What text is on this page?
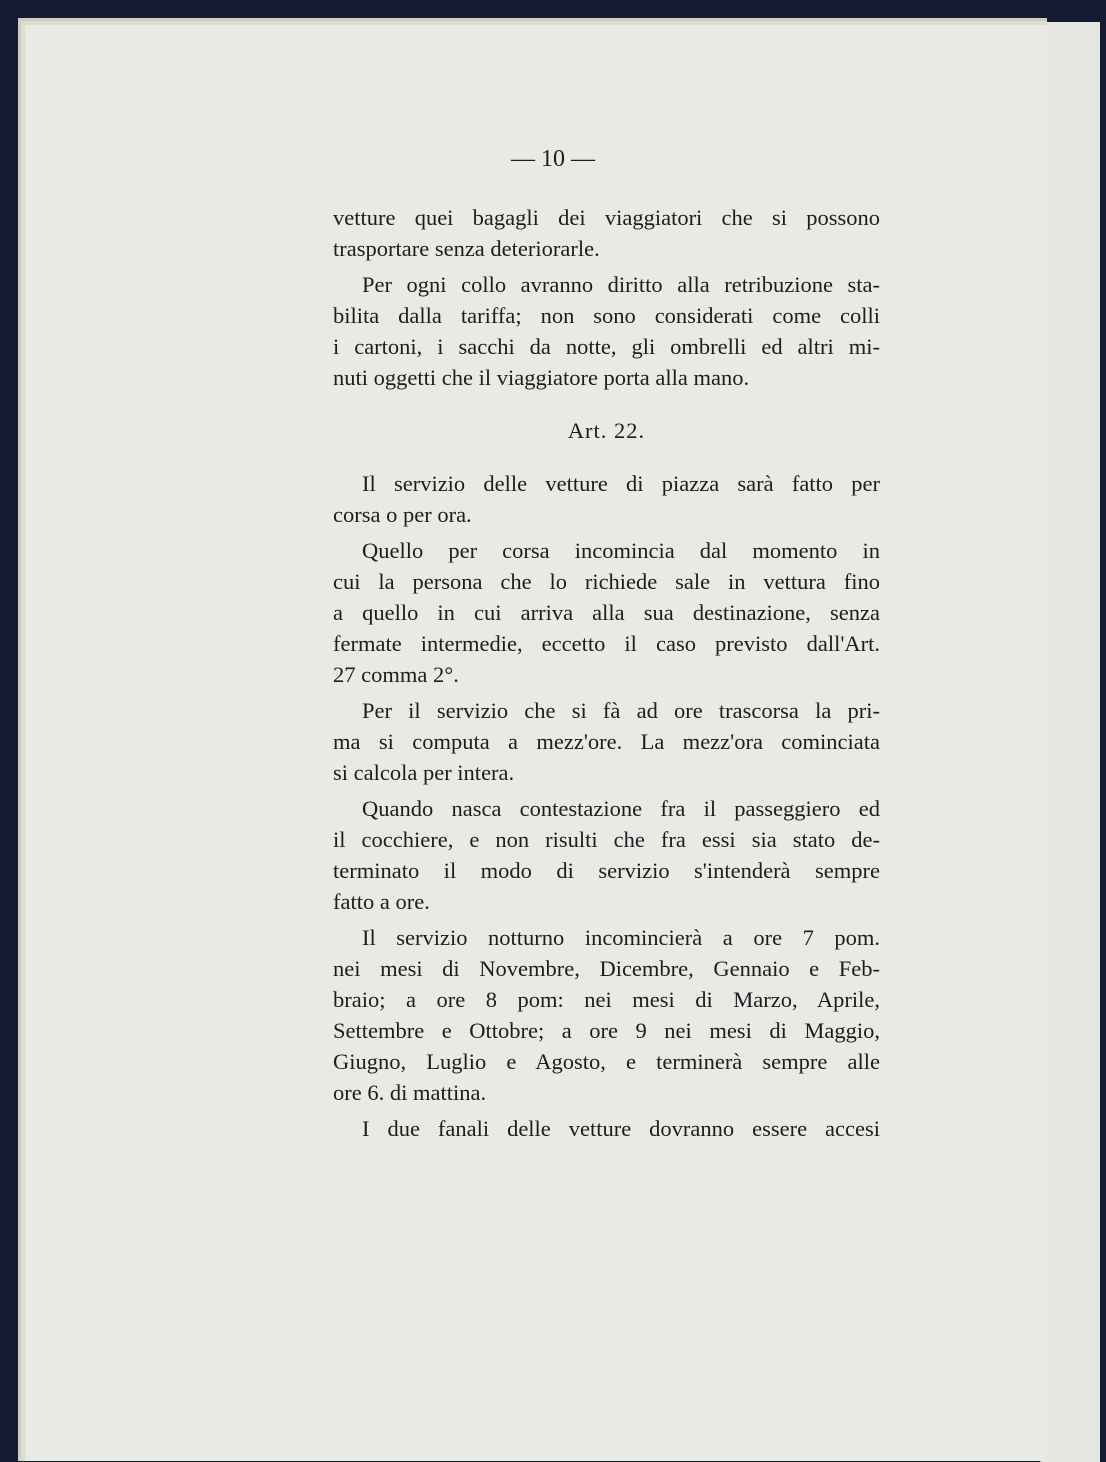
— 10 —
vetture quei bagagli dei viaggiatori che si possono
trasportare senza deteriorarle.
Per ogni collo avranno diritto alla retribuzione sta-
bilita dalla tariffa; non sono considerati come colli
i cartoni, i sacchi da notte, gli ombrelli ed altri mi-
nuti oggetti che il viaggiatore porta alla mano.
Art. 22.
Il servizio delle vetture di piazza sarà fatto per
corsa o per ora.
Quello per corsa incomincia dal momento in
cui la persona che lo richiede sale in vettura fino
a quello in cui arriva alla sua destinazione, senza
fermate intermedie, eccetto il caso previsto dall'Art.
27 comma 2°.
Per il servizio che si fà ad ore trascorsa la pri-
ma si computa a mezz'ore. La mezz'ora cominciata
si calcola per intera.
Quando nasca contestazione fra il passeggiero ed
il cocchiere, e non risulti che fra essi sia stato de-
terminato il modo di servizio s'intenderà sempre
fatto a ore.
Il servizio notturno incomincierà a ore 7 pom.
nei mesi di Novembre, Dicembre, Gennaio e Feb-
braio; a ore 8 pom: nei mesi di Marzo, Aprile,
Settembre e Ottobre; a ore 9 nei mesi di Maggio,
Giugno, Luglio e Agosto, e terminerà sempre alle
ore 6. di mattina.
I due fanali delle vetture dovranno essere accesi
